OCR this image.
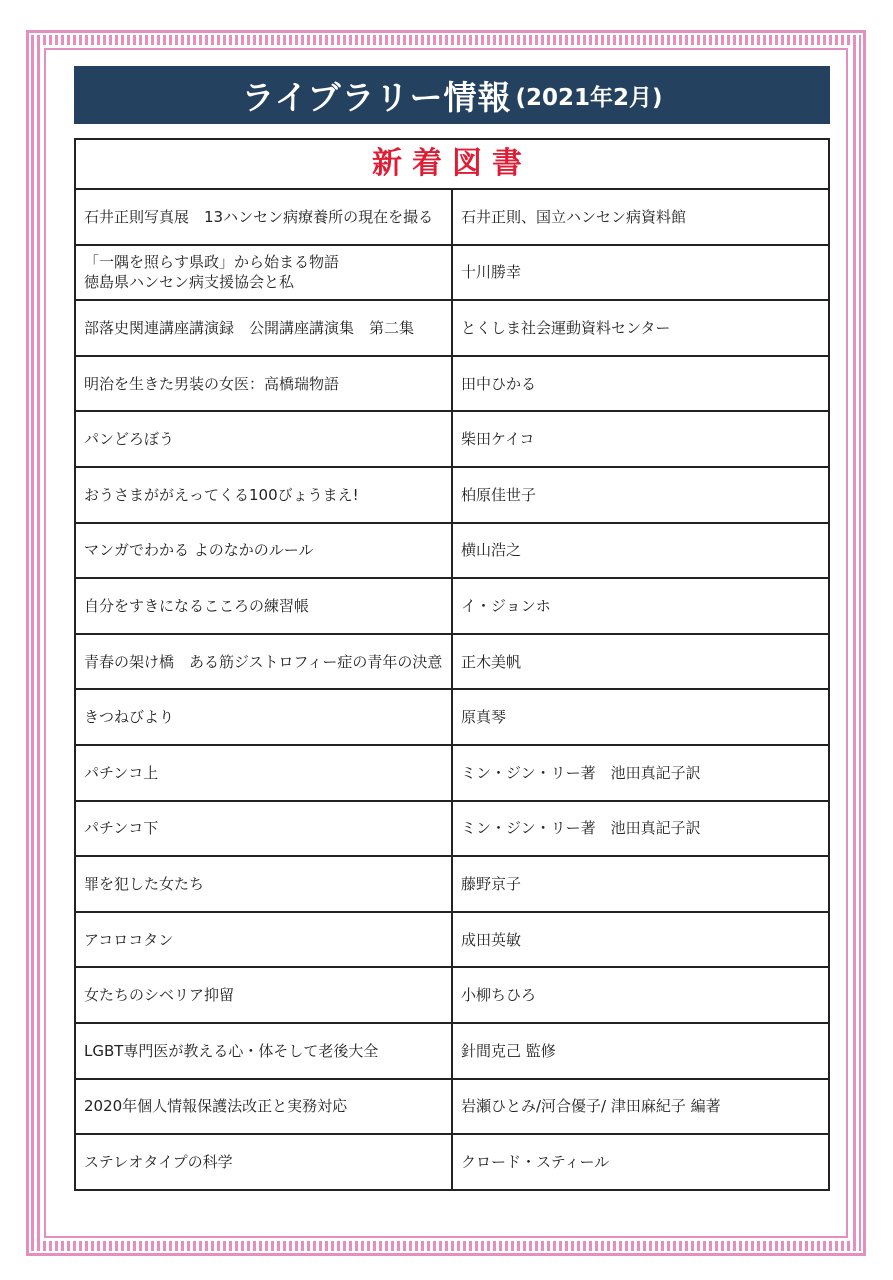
ライブラリー情報 (2021年2月)
新着図書	
石井正則写真展　13ハンセン病療養所の現在を撮る	石井正則、国立ハンセン病資料館
「一隅を照らす県政」から始まる物語
徳島県ハンセン病支援協会と私	十川勝幸
部落史関連講座講演録　公開講座講演集　第二集	とくしま社会運動資料センター
明治を生きた男装の女医：高橋瑞物語	田中ひかる
パンどろぼう	柴田ケイコ
おうさまががえってくる100びょうまえ!	柏原佳世子
マンガでわかる よのなかのルール	横山浩之
自分をすきになるこころの練習帳	イ・ジョンホ
青春の架け橋　ある筋ジストロフィー症の青年の決意	正木美帆
きつねびより	原真琴
パチンコ上	ミン・ジン・リー著　池田真記子訳
パチンコ下	ミン・ジン・リー著　池田真記子訳
罪を犯した女たち	藤野京子
アコロコタン	成田英敏
女たちのシベリア抑留	小柳ちひろ
LGBT専門医が教える心・体そして老後大全	針間克己 監修
2020年個人情報保護法改正と実務対応	岩瀬ひとみ/河合優子/ 津田麻紀子 編著
ステレオタイプの科学	クロード・スティール
